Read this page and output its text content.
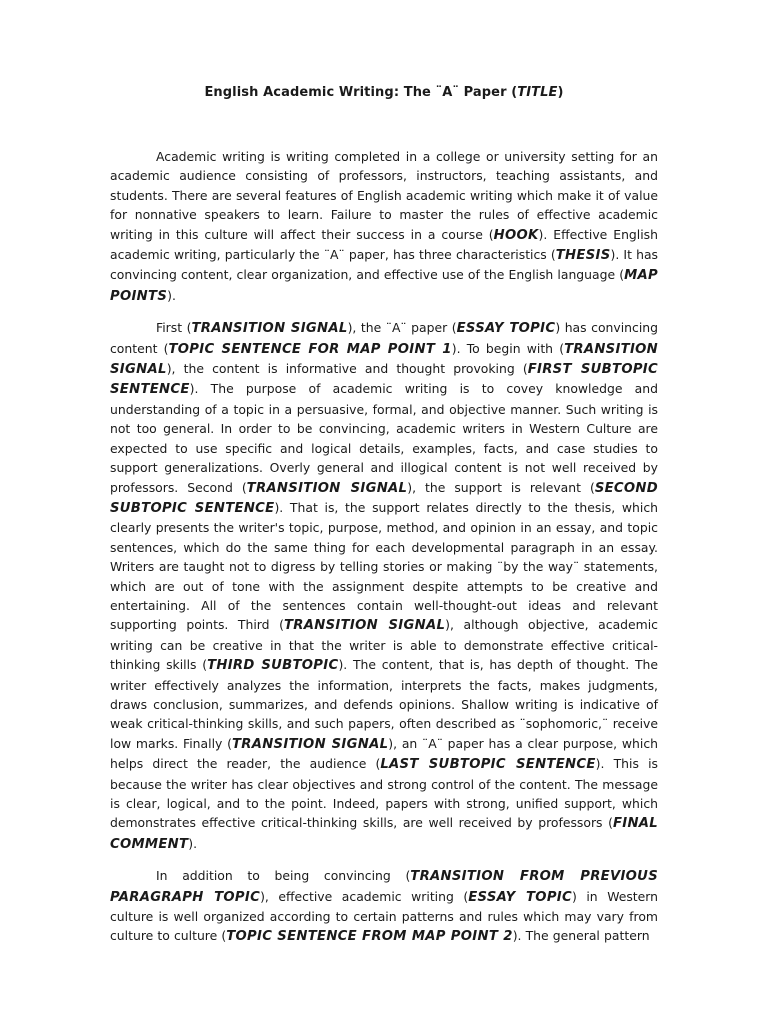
English Academic Writing: The ¨A¨ Paper (TITLE)

Academic writing is writing completed in a college or university setting for an academic audience consisting of professors, instructors, teaching assistants, and students. There are several features of English academic writing which make it of value for nonnative speakers to learn. Failure to master the rules of effective academic writing in this culture will affect their success in a course (HOOK). Effective English academic writing, particularly the ¨A¨ paper, has three characteristics (THESIS). It has convincing content, clear organization, and effective use of the English language (MAP POINTS).

First (TRANSITION SIGNAL), the ¨A¨ paper (ESSAY TOPIC) has convincing content (TOPIC SENTENCE FOR MAP POINT 1). To begin with (TRANSITION SIGNAL), the content is informative and thought provoking (FIRST SUBTOPIC SENTENCE). The purpose of academic writing is to covey knowledge and understanding of a topic in a persuasive, formal, and objective manner. Such writing is not too general. In order to be convincing, academic writers in Western Culture are expected to use specific and logical details, examples, facts, and case studies to support generalizations. Overly general and illogical content is not well received by professors. Second (TRANSITION SIGNAL), the support is relevant (SECOND SUBTOPIC SENTENCE). That is, the support relates directly to the thesis, which clearly presents the writer's topic, purpose, method, and opinion in an essay, and topic sentences, which do the same thing for each developmental paragraph in an essay. Writers are taught not to digress by telling stories or making ¨by the way¨ statements, which are out of tone with the assignment despite attempts to be creative and entertaining. All of the sentences contain well-thought-out ideas and relevant supporting points. Third (TRANSITION SIGNAL), although objective, academic writing can be creative in that the writer is able to demonstrate effective critical-thinking skills (THIRD SUBTOPIC). The content, that is, has depth of thought. The writer effectively analyzes the information, interprets the facts, makes judgments, draws conclusion, summarizes, and defends opinions. Shallow writing is indicative of weak critical-thinking skills, and such papers, often described as ¨sophomoric,¨ receive low marks. Finally (TRANSITION SIGNAL), an ¨A¨ paper has a clear purpose, which helps direct the reader, the audience (LAST SUBTOPIC SENTENCE). This is because the writer has clear objectives and strong control of the content. The message is clear, logical, and to the point. Indeed, papers with strong, unified support, which demonstrates effective critical-thinking skills, are well received by professors (FINAL COMMENT).

In addition to being convincing (TRANSITION FROM PREVIOUS PARAGRAPH TOPIC), effective academic writing (ESSAY TOPIC) in Western culture is well organized according to certain patterns and rules which may vary from culture to culture (TOPIC SENTENCE FROM MAP POINT 2). The general pattern
